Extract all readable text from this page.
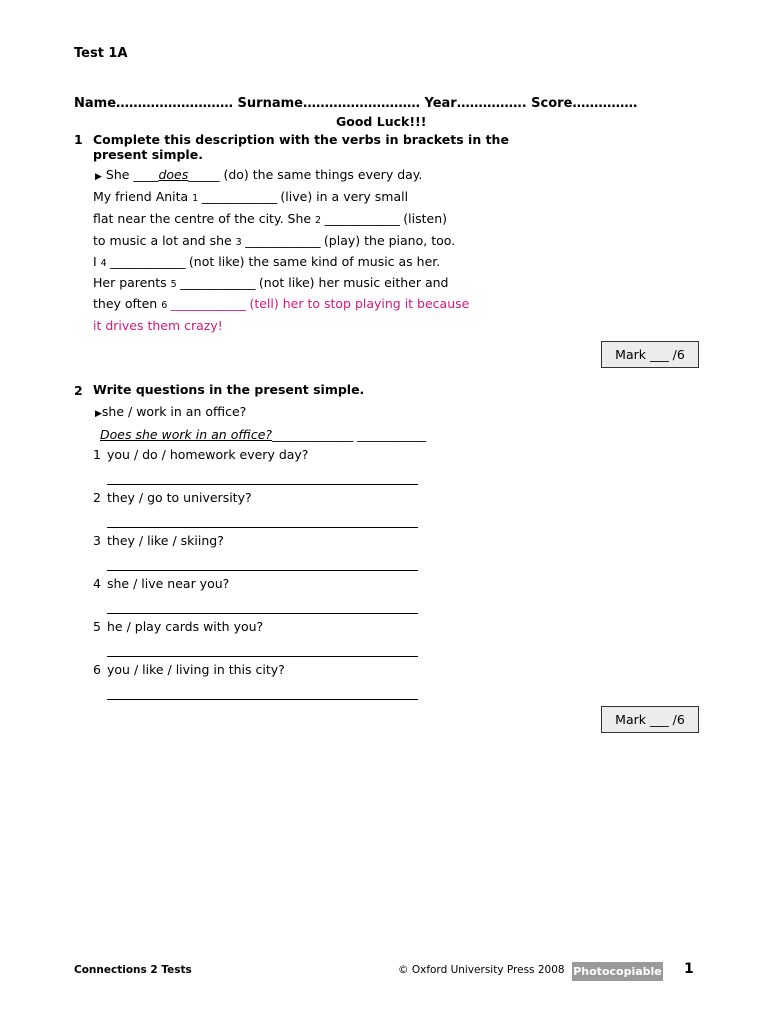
Test 1A
Name……………………… Surname……………………… Year……………. Score……………
Good Luck!!!
1 Complete this description with the verbs in brackets in the
present simple.
▶ She ____does_____ (do) the same things every day.
My friend Anita 1 _____________ (live) in a very small
flat near the centre of the city. She 2 _____________ (listen)
to music a lot and she 3 _____________ (play) the piano, too.
I 4 _____________ (not like) the same kind of music as her.
Her parents 5 _____________ (not like) her music either and
they often 6 _____________ (tell) her to stop playing it because
it drives them crazy!
Mark ___ /6
2 Write questions in the present simple.
▶she / work in an office?
Does she work in an office?_____________ ___________
1 you / do / homework every day?
2 they / go to university?
3 they / like / skiing?
4 she / live near you?
5 he / play cards with you?
6 you / like / living in this city?
Mark ___ /6
Connections 2 Tests	© Oxford University Press 2008 Photocopiable 1
